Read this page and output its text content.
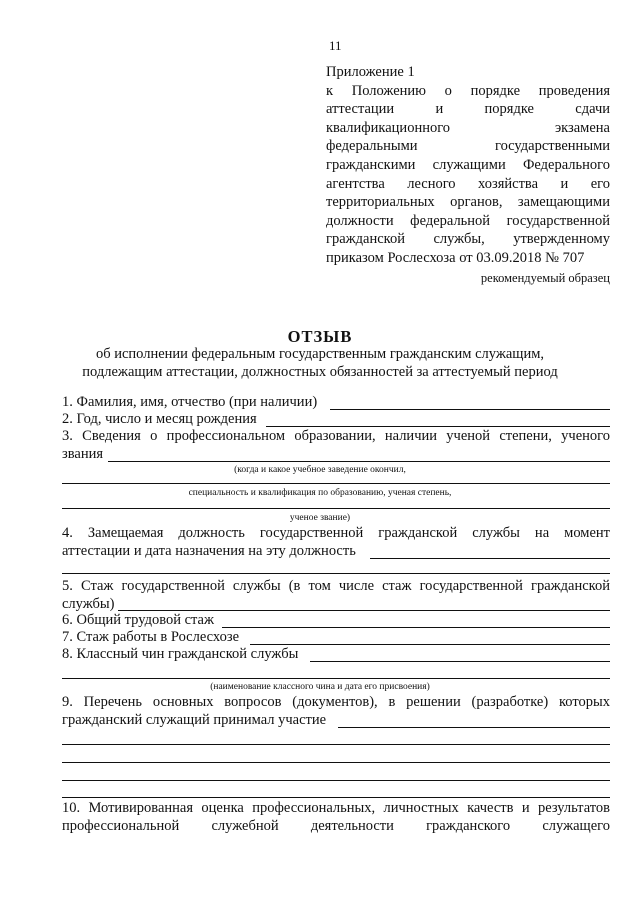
11
Приложение 1
к Положению о порядке проведения
аттестации и порядке сдачи
квалификационного экзамена
федеральными государственными
гражданскими служащими Федерального
агентства лесного хозяйства и его
территориальных органов, замещающими
должности федеральной государственной
гражданской службы, утвержденному
приказом Рослесхоза от 03.09.2018 № 707
рекомендуемый образец
ОТЗЫВ
об исполнении федеральным государственным гражданским служащим,
подлежащим аттестации, должностных обязанностей за аттестуемый период
1. Фамилия, имя, отчество (при наличии)
2. Год, число и месяц рождения
3. Сведения о профессиональном образовании, наличии ученой степени, ученого
звания
(когда и какое учебное заведение окончил,
специальность и квалификация по образованию, ученая степень,
ученое звание)
4. Замещаемая должность государственной гражданской службы на момент
аттестации и дата назначения на эту должность
5. Стаж государственной службы (в том числе стаж государственной гражданской
службы)
6. Общий трудовой стаж
7. Стаж работы в Рослесхозе
8. Классный чин гражданской службы
(наименование классного чина и дата его присвоения)
9. Перечень основных вопросов (документов), в решении (разработке) которых
гражданский служащий принимал участие
10. Мотивированная оценка профессиональных, личностных качеств и результатов
профессиональной служебной деятельности гражданского служащего
